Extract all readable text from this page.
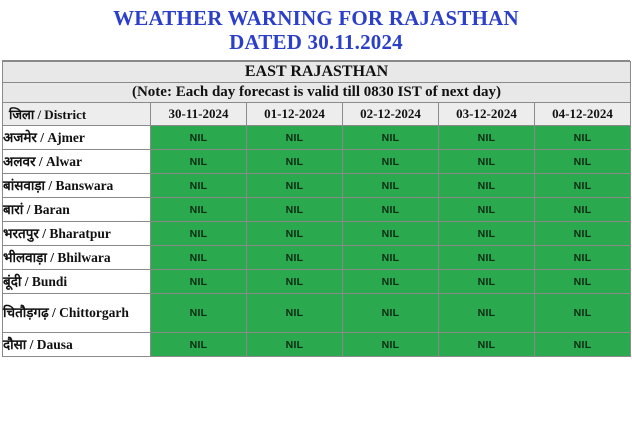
WEATHER WARNING FOR RAJASTHAN
DATED 30.11.2024
EAST RAJASTHAN					
(Note: Each day forecast is valid till 0830 IST of next day)					
जिला / District	30-11-2024	01-12-2024	02-12-2024	03-12-2024	04-12-2024
अजमेर / Ajmer	NIL	NIL	NIL	NIL	NIL
अलवर / Alwar	NIL	NIL	NIL	NIL	NIL
बांसवाड़ा / Banswara	NIL	NIL	NIL	NIL	NIL
बारां / Baran	NIL	NIL	NIL	NIL	NIL
भरतपुर / Bharatpur	NIL	NIL	NIL	NIL	NIL
भीलवाड़ा / Bhilwara	NIL	NIL	NIL	NIL	NIL
बूंदी / Bundi	NIL	NIL	NIL	NIL	NIL
चितौड़गढ़ / Chittorgarh	NIL	NIL	NIL	NIL	NIL
दौसा / Dausa	NIL	NIL	NIL	NIL	NIL
